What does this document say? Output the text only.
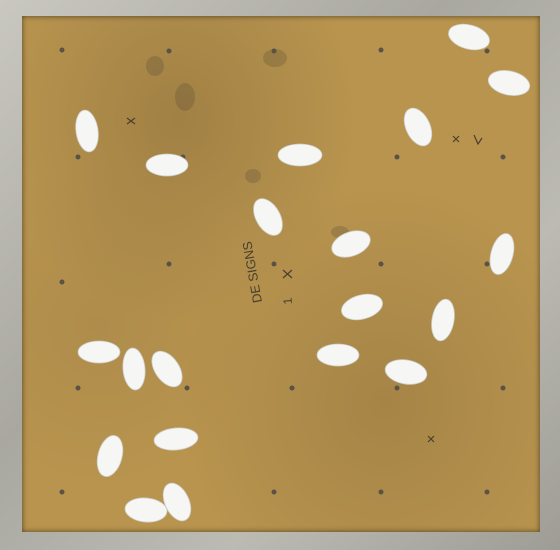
DE SIGNS 1
